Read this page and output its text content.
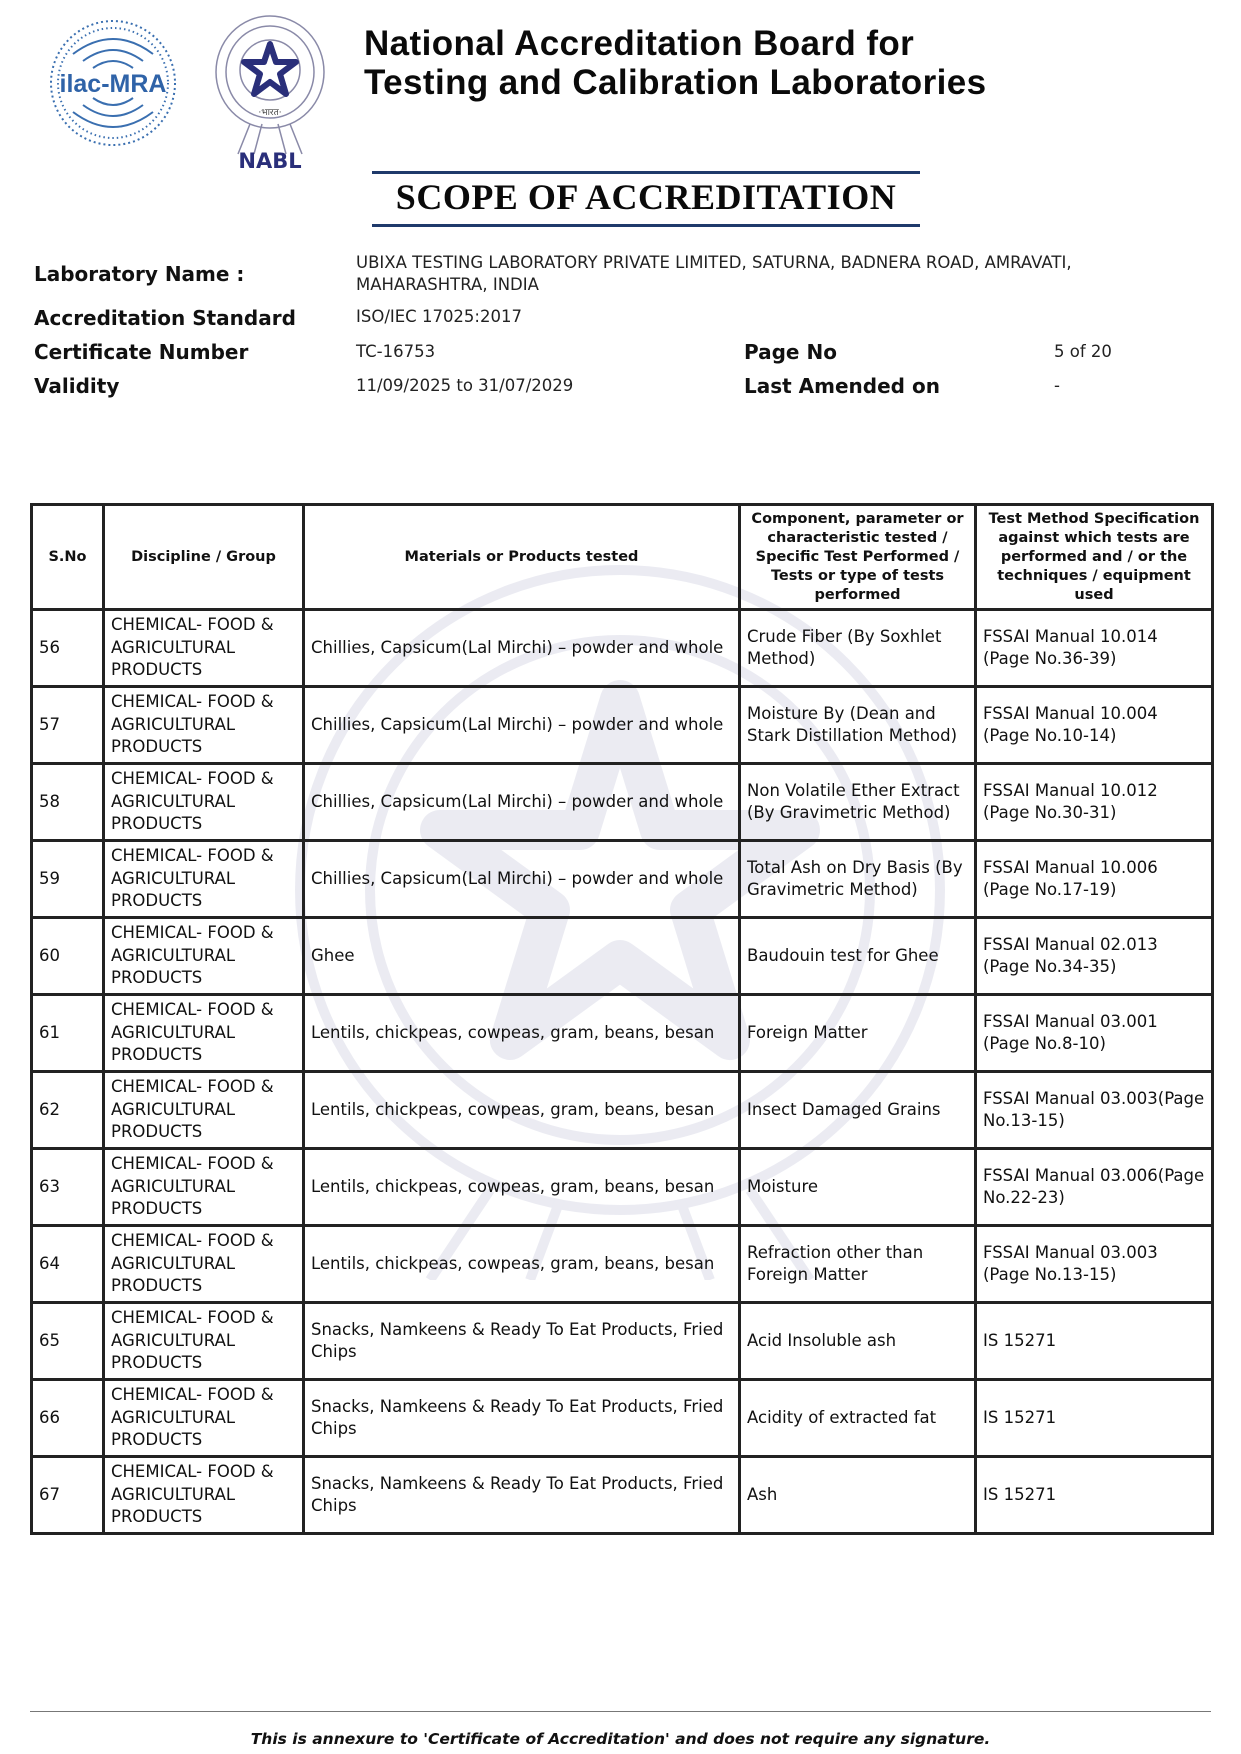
ilac-MRA
·भारत·
NABL
National Accreditation Board for
Testing and Calibration Laboratories
SCOPE OF ACCREDITATION
Laboratory Name :	UBIXA TESTING LABORATORY PRIVATE LIMITED, SATURNA, BADNERA ROAD, AMRAVATI,
MAHARASHTRA, INDIA
Accreditation Standard	ISO/IEC 17025:2017
Certificate Number	TC-16753	Page No	5 of 20
Validity	11/09/2025 to 31/07/2029	Last Amended on	-
S.No	Discipline / Group	Materials or Products tested	Component, parameter or characteristic tested / Specific Test Performed / Tests or type of tests performed	Test Method Specification against which tests are performed and / or the techniques / equipment used
56	CHEMICAL- FOOD & AGRICULTURAL PRODUCTS	Chillies, Capsicum(Lal Mirchi) – powder and whole	Crude Fiber (By Soxhlet Method)	FSSAI Manual 10.014 (Page No.36-39)
57	CHEMICAL- FOOD & AGRICULTURAL PRODUCTS	Chillies, Capsicum(Lal Mirchi) – powder and whole	Moisture By (Dean and Stark Distillation Method)	FSSAI Manual 10.004 (Page No.10-14)
58	CHEMICAL- FOOD & AGRICULTURAL PRODUCTS	Chillies, Capsicum(Lal Mirchi) – powder and whole	Non Volatile Ether Extract (By Gravimetric Method)	FSSAI Manual 10.012 (Page No.30-31)
59	CHEMICAL- FOOD & AGRICULTURAL PRODUCTS	Chillies, Capsicum(Lal Mirchi) – powder and whole	Total Ash on Dry Basis (By Gravimetric Method)	FSSAI Manual 10.006 (Page No.17-19)
60	CHEMICAL- FOOD & AGRICULTURAL PRODUCTS	Ghee	Baudouin test for Ghee	FSSAI Manual 02.013 (Page No.34-35)
61	CHEMICAL- FOOD & AGRICULTURAL PRODUCTS	Lentils, chickpeas, cowpeas, gram, beans, besan	Foreign Matter	FSSAI Manual 03.001 (Page No.8-10)
62	CHEMICAL- FOOD & AGRICULTURAL PRODUCTS	Lentils, chickpeas, cowpeas, gram, beans, besan	Insect Damaged Grains	FSSAI Manual 03.003(Page No.13-15)
63	CHEMICAL- FOOD & AGRICULTURAL PRODUCTS	Lentils, chickpeas, cowpeas, gram, beans, besan	Moisture	FSSAI Manual 03.006(Page No.22-23)
64	CHEMICAL- FOOD & AGRICULTURAL PRODUCTS	Lentils, chickpeas, cowpeas, gram, beans, besan	Refraction other than Foreign Matter	FSSAI Manual 03.003 (Page No.13-15)
65	CHEMICAL- FOOD & AGRICULTURAL PRODUCTS	Snacks, Namkeens & Ready To Eat Products, Fried Chips	Acid Insoluble ash	IS 15271
66	CHEMICAL- FOOD & AGRICULTURAL PRODUCTS	Snacks, Namkeens & Ready To Eat Products, Fried Chips	Acidity of extracted fat	IS 15271
67	CHEMICAL- FOOD & AGRICULTURAL PRODUCTS	Snacks, Namkeens & Ready To Eat Products, Fried Chips	Ash	IS 15271
This is annexure to 'Certificate of Accreditation' and does not require any signature.
